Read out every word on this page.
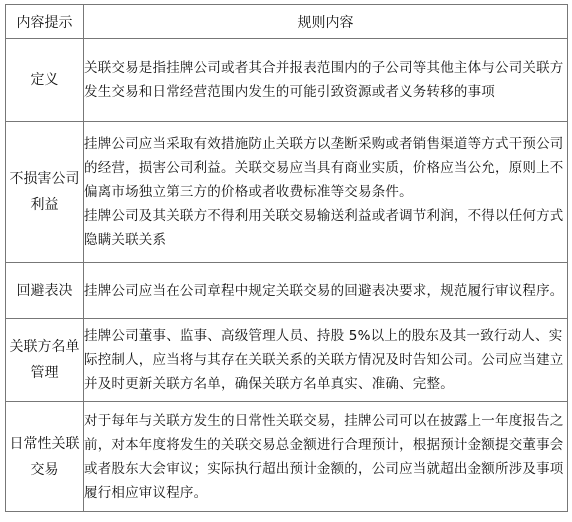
内容提示	规则内容
定义	关联交易是指挂牌公司或者其合并报表范围内的子公司等其他主体与公司关联方发生交易和日常经营范围内发生的可能引致资源或者义务转移的事项

不损害公司利益	挂牌公司应当采取有效措施防止关联方以垄断采购或者销售渠道等方式干预公司的经营，损害公司利益。关联交易应当具有商业实质，价格应当公允，原则上不偏离市场独立第三方的价格或者收费标准等交易条件。
挂牌公司及其关联方不得利用关联交易输送利益或者调节利润，不得以任何方式隐瞒关联关系

回避表决	挂牌公司应当在公司章程中规定关联交易的回避表决要求，规范履行审议程序。

关联方名单管理	挂牌公司董事、监事、高级管理人员、持股 5%以上的股东及其一致行动人、实际控制人，应当将与其存在关联关系的关联方情况及时告知公司。公司应当建立并及时更新关联方名单，确保关联方名单真实、准确、完整。

日常性关联交易	对于每年与关联方发生的日常性关联交易，挂牌公司可以在披露上一年度报告之前，对本年度将发生的关联交易总金额进行合理预计，根据预计金额提交董事会或者股东大会审议；实际执行超出预计金额的，公司应当就超出金额所涉及事项履行相应审议程序。
